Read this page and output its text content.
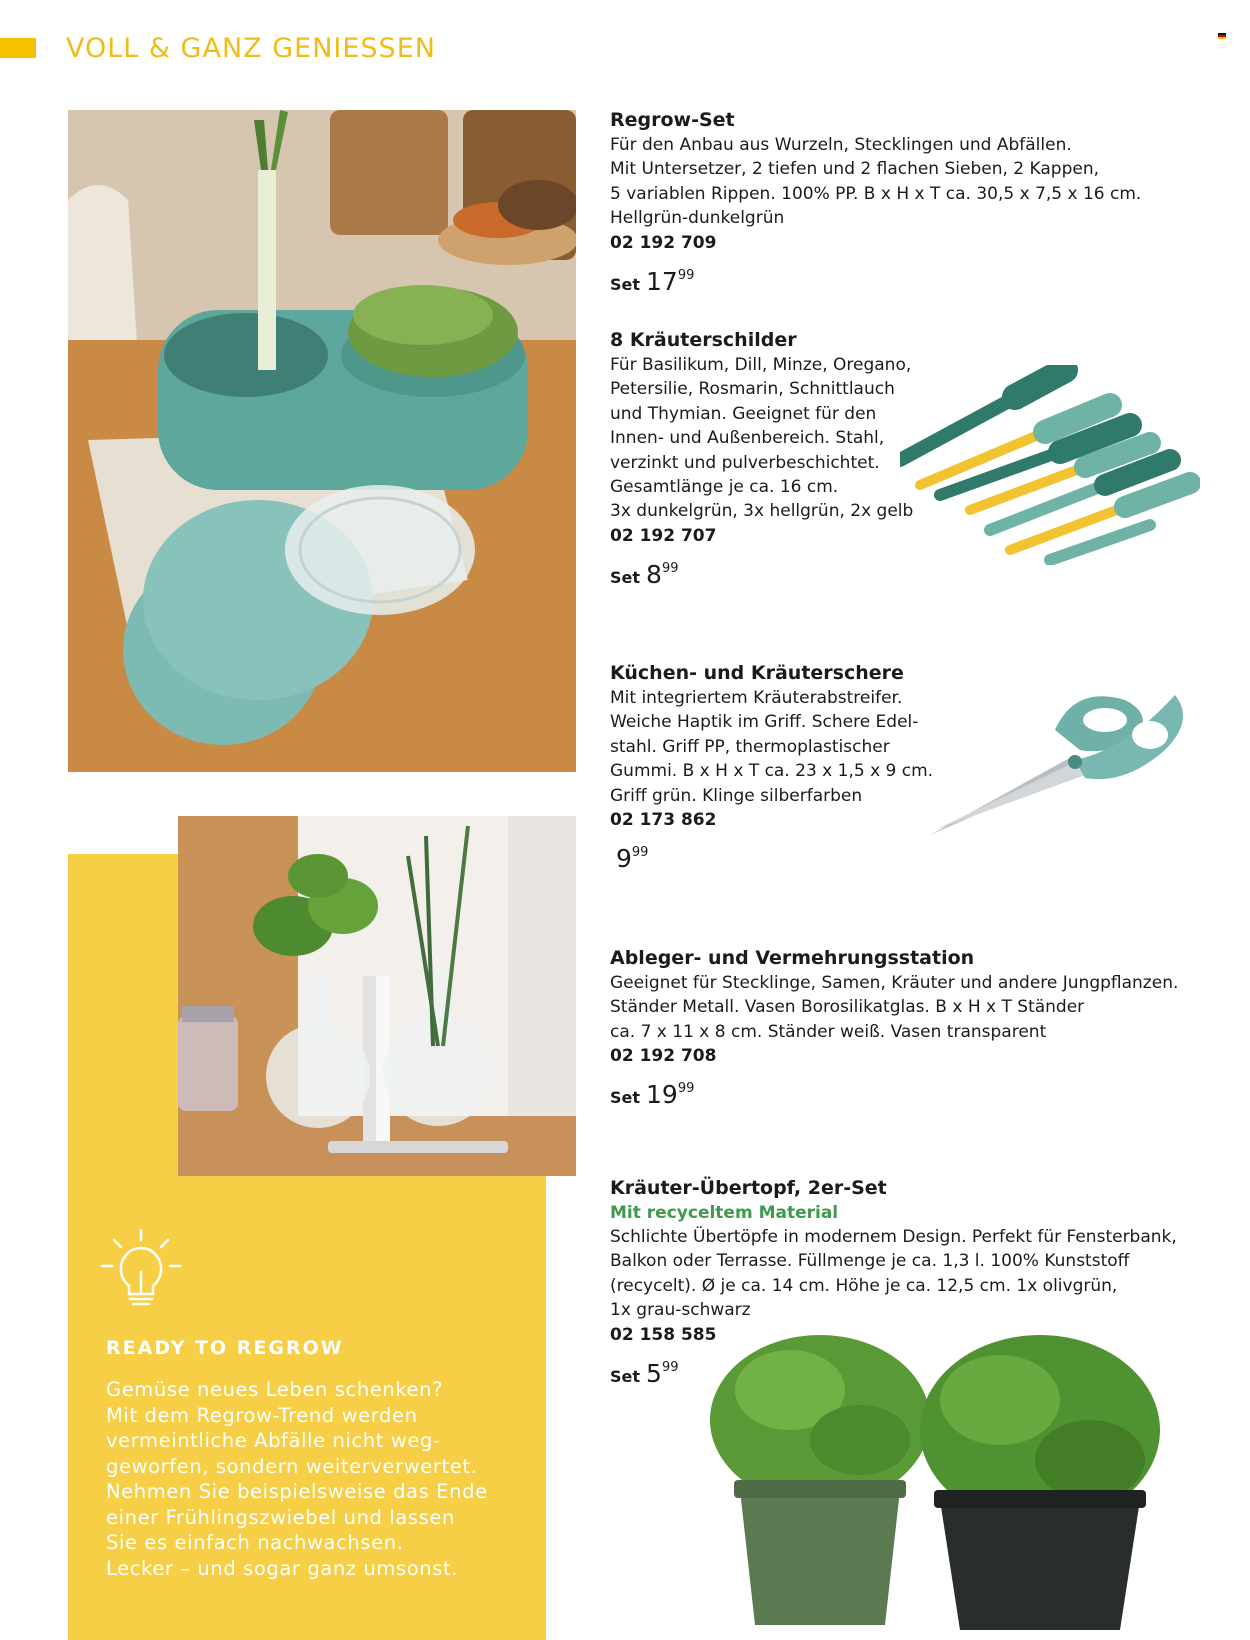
VOLL & GANZ GENIESSEN
READY TO REGROW
Gemüse neues Leben schenken?
Mit dem Regrow-Trend werden
vermeintliche Abfälle nicht weg-
geworfen, sondern weiterverwertet.
Nehmen Sie beispielsweise das Ende
einer Frühlingszwiebel und lassen
Sie es einfach nachwachsen.
Lecker – und sogar ganz umsonst.
Regrow-Set
Für den Anbau aus Wurzeln, Stecklingen und Abfällen.
Mit Untersetzer, 2 tiefen und 2 flachen Sieben, 2 Kappen,
5 variablen Rippen. 100% PP. B x H x T ca. 30,5 x 7,5 x 16 cm.
Hellgrün-dunkelgrün
02 192 709
Set $17^{99}$
8 Kräuterschilder
Für Basilikum, Dill, Minze, Oregano,
Petersilie, Rosmarin, Schnittlauch
und Thymian. Geeignet für den
Innen- und Außenbereich. Stahl,
verzinkt und pulverbeschichtet.
Gesamtlänge je ca. 16 cm.
3x dunkelgrün, 3x hellgrün, 2x gelb
02 192 707
Set $8^{99}$
Küchen- und Kräuterschere
Mit integriertem Kräuterabstreifer.
Weiche Haptik im Griff. Schere Edel-
stahl. Griff PP, thermoplastischer
Gummi. B x H x T ca. 23 x 1,5 x 9 cm.
Griff grün. Klinge silberfarben
02 173 862
$9^{99}$
Ableger- und Vermehrungsstation
Geeignet für Stecklinge, Samen, Kräuter und andere Jungpflanzen.
Ständer Metall. Vasen Borosilikatglas. B x H x T Ständer
ca. 7 x 11 x 8 cm. Ständer weiß. Vasen transparent
02 192 708
Set $19^{99}$
Kräuter-Übertopf, 2er-Set
Mit recyceltem Material
Schlichte Übertöpfe in modernem Design. Perfekt für Fensterbank,
Balkon oder Terrasse. Füllmenge je ca. 1,3 l. 100% Kunststoff
(recycelt). Ø je ca. 14 cm. Höhe je ca. 12,5 cm. 1x olivgrün,
1x grau-schwarz
02 158 585
Set $5^{99}$
